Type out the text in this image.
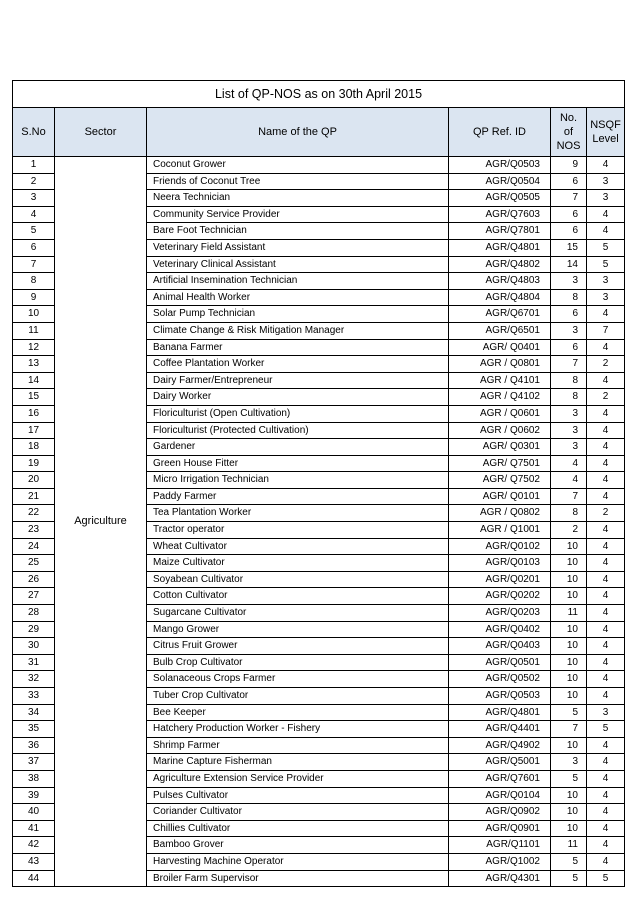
List of QP-NOS as on 30th April 2015					
S.No	Sector	Name of the QP	QP Ref. ID	No. of NOS	NSQF Level
1	Agriculture	Coconut Grower	AGR/Q0503	9	4
2		Friends of Coconut Tree	AGR/Q0504	6	3
3		Neera Technician	AGR/Q0505	7	3
4		Community Service Provider	AGR/Q7603	6	4
5		Bare Foot Technician	AGR/Q7801	6	4
6		Veterinary Field Assistant	AGR/Q4801	15	5
7		Veterinary Clinical Assistant	AGR/Q4802	14	5
8		Artificial Insemination Technician	AGR/Q4803	3	3
9		Animal Health Worker	AGR/Q4804	8	3
10		Solar Pump Technician	AGR/Q6701	6	4
11		Climate Change & Risk Mitigation Manager	AGR/Q6501	3	7
12		Banana Farmer	AGR/ Q0401	6	4
13		Coffee Plantation Worker	AGR / Q0801	7	2
14		Dairy Farmer/Entrepreneur	AGR / Q4101	8	4
15		Dairy Worker	AGR / Q4102	8	2
16		Floriculturist (Open Cultivation)	AGR / Q0601	3	4
17		Floriculturist (Protected Cultivation)	AGR / Q0602	3	4
18		Gardener	AGR/ Q0301	3	4
19		Green House Fitter	AGR/ Q7501	4	4
20		Micro Irrigation Technician	AGR/ Q7502	4	4
21		Paddy Farmer	AGR/ Q0101	7	4
22		Tea Plantation Worker	AGR / Q0802	8	2
23		Tractor operator	AGR / Q1001	2	4
24		Wheat Cultivator	AGR/Q0102	10	4
25		Maize Cultivator	AGR/Q0103	10	4
26		Soyabean Cultivator	AGR/Q0201	10	4
27		Cotton Cultivator	AGR/Q0202	10	4
28		Sugarcane Cultivator	AGR/Q0203	11	4
29		Mango Grower	AGR/Q0402	10	4
30		Citrus Fruit Grower	AGR/Q0403	10	4
31		Bulb Crop Cultivator	AGR/Q0501	10	4
32		Solanaceous Crops Farmer	AGR/Q0502	10	4
33		Tuber Crop Cultivator	AGR/Q0503	10	4
34		Bee Keeper	AGR/Q4801	5	3
35		Hatchery Production Worker - Fishery	AGR/Q4401	7	5
36		Shrimp Farmer	AGR/Q4902	10	4
37		Marine Capture Fisherman	AGR/Q5001	3	4
38		Agriculture Extension Service Provider	AGR/Q7601	5	4
39		Pulses Cultivator	AGR/Q0104	10	4
40		Coriander Cultivator	AGR/Q0902	10	4
41		Chillies Cultivator	AGR/Q0901	10	4
42		Bamboo Grover	AGR/Q1101	11	4
43		Harvesting Machine Operator	AGR/Q1002	5	4
44		Broiler Farm Supervisor	AGR/Q4301	5	5
